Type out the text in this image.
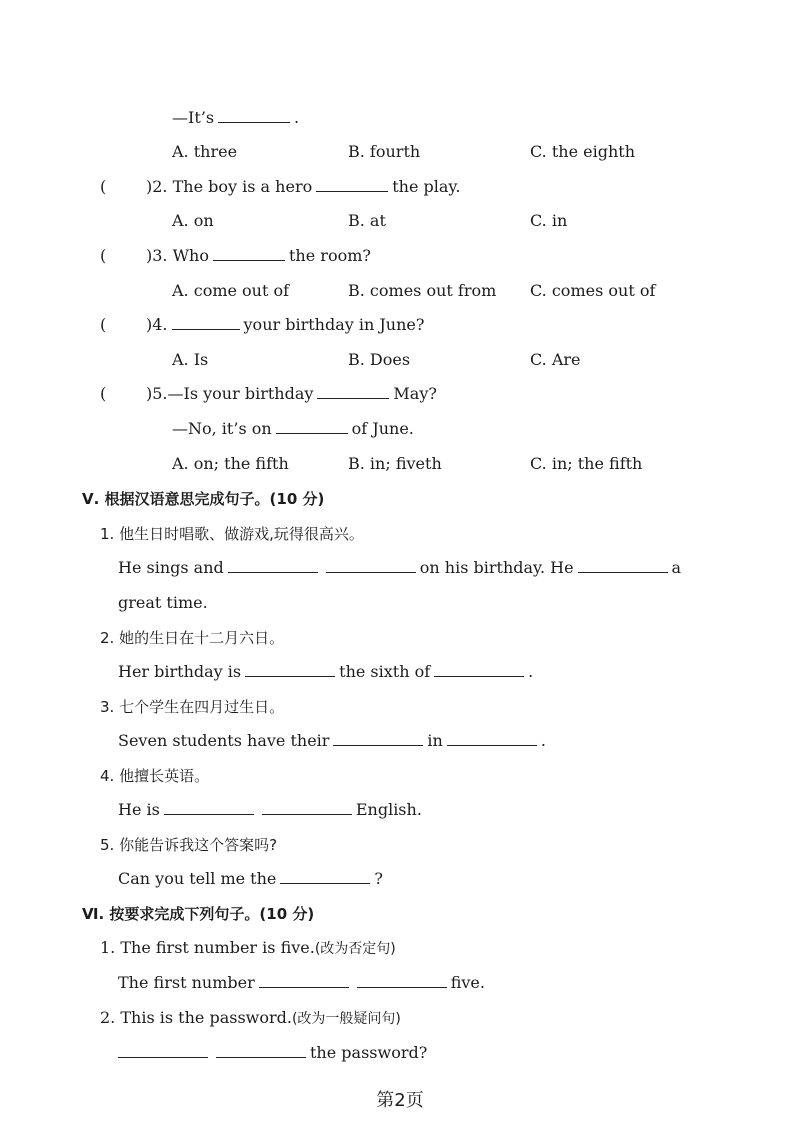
—It’s	.
A. three	B. fourth	C. the eighth
( )2. The boy is a hero	the play.
A. on	B. at	C. in
( )3. Who	the room?
A. come out of	B. comes out from C. comes out of
( )4.	your birthday in June?
A. Is	B. Does	C. Are
( )5.—Is your birthday	May?
—No, it’s on	of June.
A. on; the fifth	B. in; fiveth	C. in; the fifth
Ⅴ. 根据汉语意思完成句子。(10 分)
1. 他生日时唱歌、做游戏,玩得很高兴。
He sings and	on his birthday. He	a
great time.
2. 她的生日在十二月六日。
Her birthday is	the sixth of	.
3. 七个学生在四月过生日。
Seven students have their	in	.
4. 他擅长英语。
He is	English.
5. 你能告诉我这个答案吗?
Can you tell me the	?
Ⅵ. 按要求完成下列句子。(10 分)
1. The first number is five.(改为否定句)
The first number	five.
2. This is the password.(改为一般疑问句)
the password?
第2页
